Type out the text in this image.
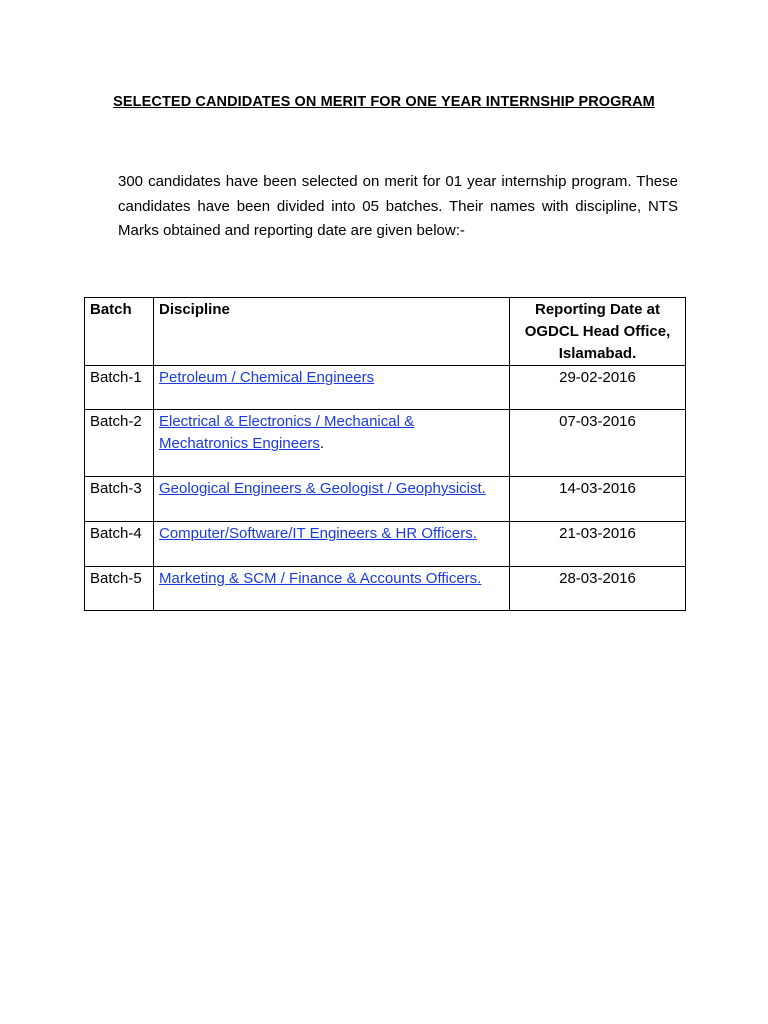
SELECTED CANDIDATES ON MERIT FOR ONE YEAR INTERNSHIP PROGRAM

300 candidates have been selected on merit for 01 year internship program. These candidates have been divided into 05 batches. Their names with discipline, NTS Marks obtained and reporting date are given below:-

Batch	Discipline	Reporting Date at OGDCL Head Office, Islamabad.
Batch-1	Petroleum / Chemical Engineers	29-02-2016
Batch-2	Electrical & Electronics / Mechanical & Mechatronics Engineers.	07-03-2016
Batch-3	Geological Engineers & Geologist / Geophysicist.	14-03-2016
Batch-4	Computer/Software/IT Engineers & HR Officers.	21-03-2016
Batch-5	Marketing & SCM / Finance & Accounts Officers.	28-03-2016
